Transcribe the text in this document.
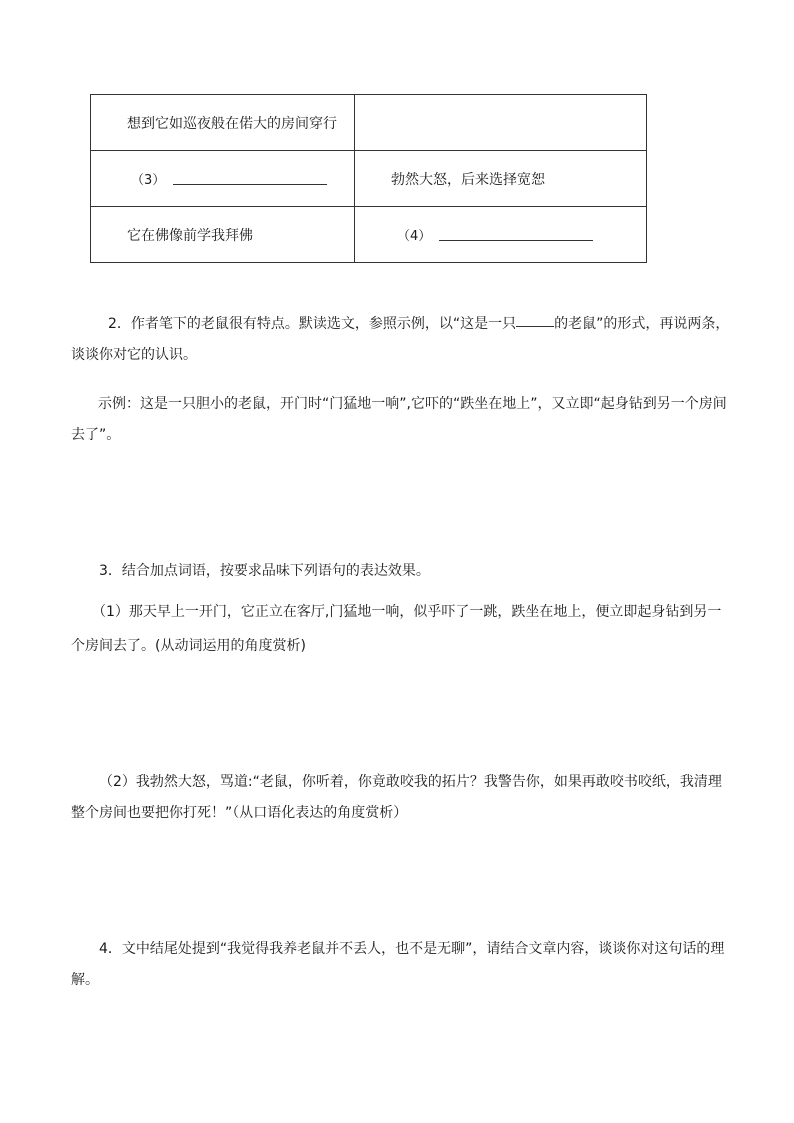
想到它如巡夜般在偌大的房间穿行	

（3）	勃然大怒，后来选择宽恕

它在佛像前学我拜佛	（4）
2．作者笔下的老鼠很有特点。默读选文，参照示例，以“这是一只	的老鼠”的形式，再说两条，
谈谈你对它的认识。
示例：这是一只胆小的老鼠，开门时“门猛地一响”,它吓的“跌坐在地上”，又立即“起身钻到另一个房间
去了”。
3．结合加点词语，按要求品味下列语句的表达效果。
（1）那天早上一开门，它正立在客厅,门猛地一响，似乎吓了一跳，跌坐在地上，便立即起身钻到另一
个房间去了。(从动词运用的角度赏析)
（2）我勃然大怒，骂道:“老鼠，你听着，你竟敢咬我的拓片？我警告你，如果再敢咬书咬纸，我清理
整个房间也要把你打死！”（从口语化表达的角度赏析）
4．文中结尾处提到“我觉得我养老鼠并不丢人，也不是无聊”，请结合文章内容，谈谈你对这句话的理
解。
